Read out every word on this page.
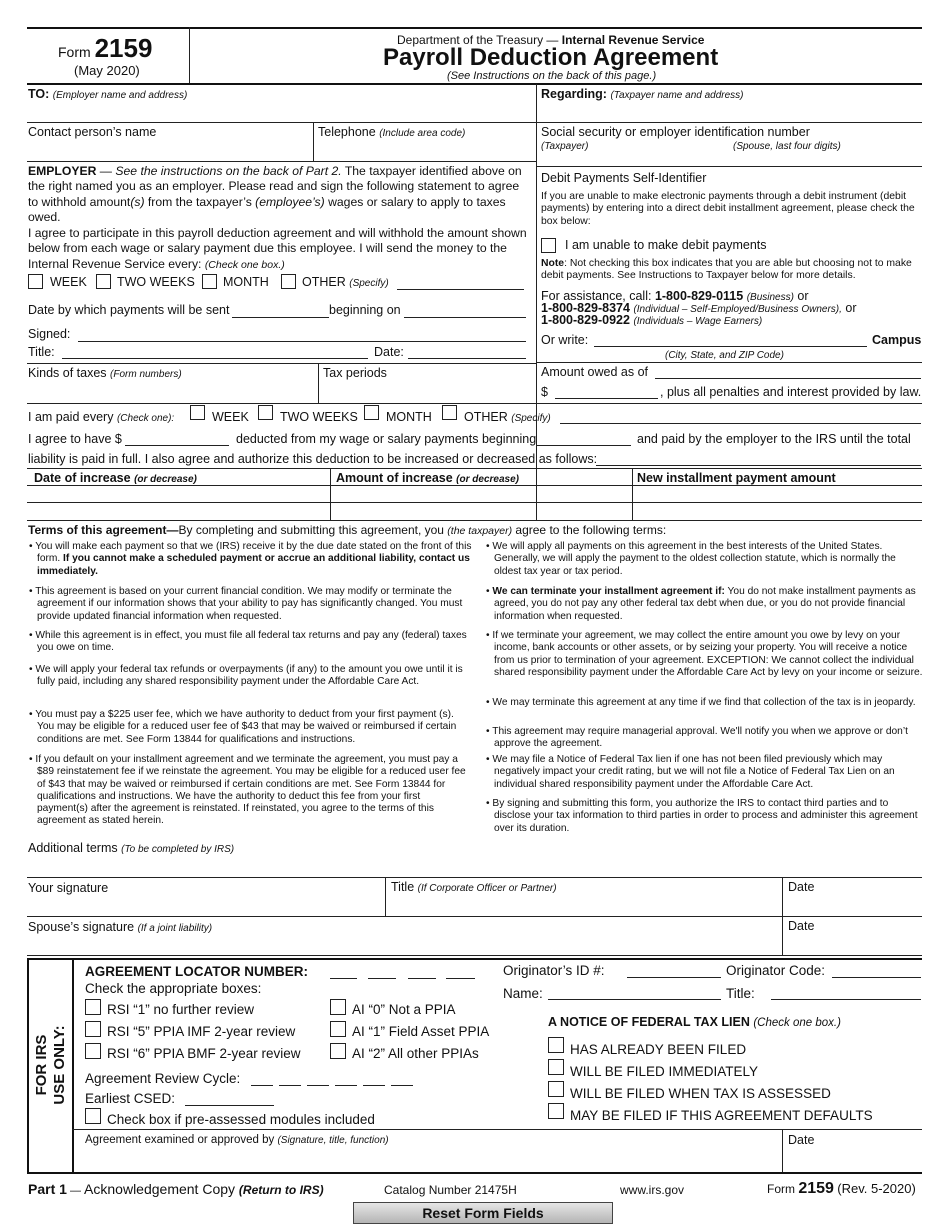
Form 2159
(May 2020)
Department of the Treasury — Internal Revenue Service
Payroll Deduction Agreement
(See Instructions on the back of this page.)
TO: (Employer name and address)	Regarding: (Taxpayer name and address)
Contact person’s name	Telephone (Include area code)	Social security or employer identification number
(Taxpayer)	(Spouse, last four digits)
EMPLOYER — See the instructions on the back of Part 2. The taxpayer identified above on the right named you as an employer. Please read and sign the following statement to agree to withhold amount(s) from the taxpayer’s (employee’s) wages or salary to apply to taxes owed.
I agree to participate in this payroll deduction agreement and will withhold the amount shown below from each wage or salary payment due this employee. I will send the money to the Internal Revenue Service every: (Check one box.)
WEEK TWO WEEKS MONTH	OTHER (Specify)
Date by which payments will be sent	beginning on
Signed:
Title:	Date:
Debit Payments Self-Identifier
If you are unable to make electronic payments through a debit instrument (debit payments) by entering into a direct debit installment agreement, please check the box below:
I am unable to make debit payments
Note: Not checking this box indicates that you are able but choosing not to make debit payments. See Instructions to Taxpayer below for more details.
For assistance, call: 1-800-829-0115 (Business) or
1-800-829-8374 (Individual – Self-Employed/Business Owners), or
1-800-829-0922 (Individuals – Wage Earners)
Or write:	Campus
(City, State, and ZIP Code)
Kinds of taxes (Form numbers)	Tax periods	Amount owed as of
$	, plus all penalties and interest provided by law.
I am paid every (Check one):	WEEK TWO WEEKS MONTH	OTHER (Specify)
I agree to have $	deducted from my wage or salary payments beginning	and paid by the employer to the IRS until the total
liability is paid in full. I also agree and authorize this deduction to be increased or decreased as follows:
Date of increase (or decrease)	Amount of increase (or decrease)	New installment payment amount
Terms of this agreement—By completing and submitting this agreement, you (the taxpayer) agree to the following terms:
Additional terms (To be completed by IRS)
Your signature	Title (If Corporate Officer or Partner)	Date
Spouse’s signature (If a joint liability)	Date
FOR IRS USE ONLY:
AGREEMENT LOCATOR NUMBER:
Check the appropriate boxes:
RSI “1” no further review
RSI “5” PPIA IMF 2-year review
RSI “6” PPIA BMF 2-year review
AI “0” Not a PPIA
AI “1” Field Asset PPIA
AI “2” All other PPIAs
Agreement Review Cycle:
Earliest CSED:
Check box if pre-assessed modules included
Originator’s ID #:	Originator Code:
Name:	Title:
A NOTICE OF FEDERAL TAX LIEN (Check one box.)
HAS ALREADY BEEN FILED
WILL BE FILED IMMEDIATELY
WILL BE FILED WHEN TAX IS ASSESSED
MAY BE FILED IF THIS AGREEMENT DEFAULTS
Agreement examined or approved by (Signature, title, function)	Date
Part 1 — Acknowledgement Copy (Return to IRS)	Catalog Number 21475H	www.irs.gov	Form 2159 (Rev. 5-2020)
Reset Form Fields
• You will make each payment so that we (IRS) receive it by the due date stated on the front of this form. If you cannot make a scheduled payment or accrue an additional liability, contact us immediately.
• This agreement is based on your current financial condition. We may modify or terminate the agreement if our information shows that your ability to pay has significantly changed. You must provide updated financial information when requested.
• While this agreement is in effect, you must file all federal tax returns and pay any (federal) taxes you owe on time.
• We will apply your federal tax refunds or overpayments (if any) to the amount you owe until it is fully paid, including any shared responsibility payment under the Affordable Care Act.
• You must pay a $225 user fee, which we have authority to deduct from your first payment (s). You may be eligible for a reduced user fee of $43 that may be waived or reimbursed if certain conditions are met. See Form 13844 for qualifications and instructions.
• If you default on your installment agreement and we terminate the agreement, you must pay a $89 reinstatement fee if we reinstate the agreement. You may be eligible for a reduced user fee of $43 that may be waived or reimbursed if certain conditions are met. See Form 13844 for qualifications and instructions. We have the authority to deduct this fee from your first payment(s) after the agreement is reinstated. If reinstated, you agree to the terms of this agreement as stated herein.
• We will apply all payments on this agreement in the best interests of the United States. Generally, we will apply the payment to the oldest collection statute, which is normally the oldest tax year or tax period.
• We can terminate your installment agreement if: You do not make installment payments as agreed, you do not pay any other federal tax debt when due, or you do not provide financial information when requested.
• If we terminate your agreement, we may collect the entire amount you owe by levy on your income, bank accounts or other assets, or by seizing your property. You will receive a notice from us prior to termination of your agreement. EXCEPTION: We cannot collect the individual shared responsibility payment under the Affordable Care Act by levy on your income or seizure.
• We may terminate this agreement at any time if we find that collection of the tax is in jeopardy.
• This agreement may require managerial approval. We'll notify you when we approve or don’t approve the agreement.
• We may file a Notice of Federal Tax lien if one has not been filed previously which may negatively impact your credit rating, but we will not file a Notice of Federal Tax Lien on an individual shared responsibility payment under the Affordable Care Act.
• By signing and submitting this form, you authorize the IRS to contact third parties and to disclose your tax information to third parties in order to process and administer this agreement over its duration.
